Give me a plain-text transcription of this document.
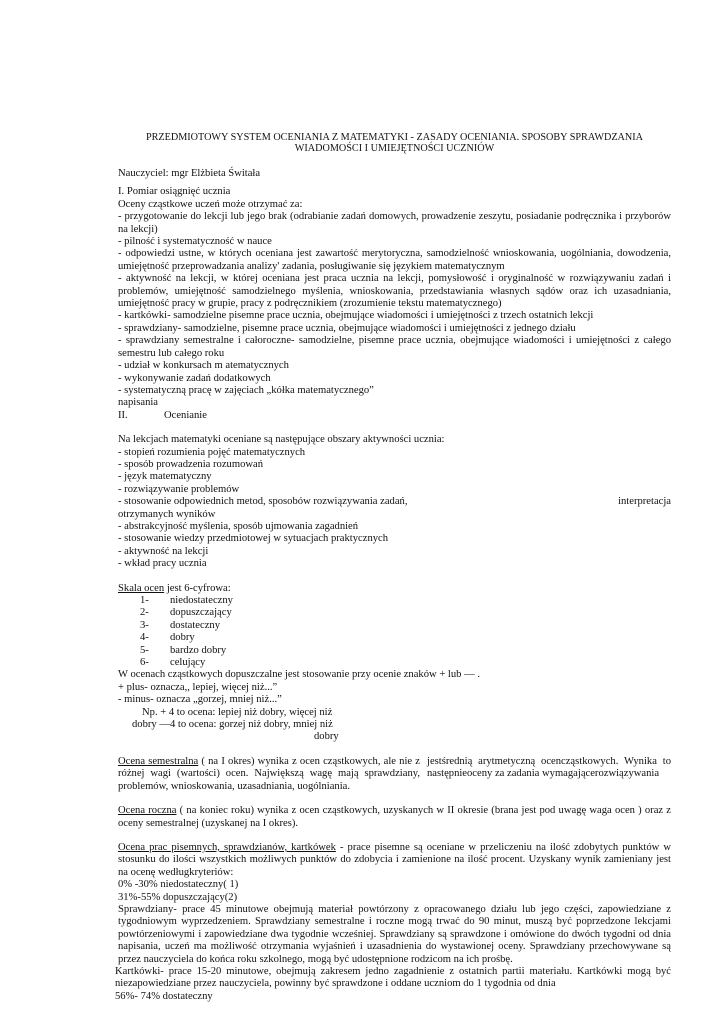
PRZEDMIOTOWY SYSTEM OCENIANIA Z MATEMATYKI - ZASADY OCENIANIA. SPOSOBY SPRAWDZANIA
WIADOMOŚCI I UMIEJĘTNOŚCI UCZNIÓW

Nauczyciel: mgr Elżbieta Świtała

I. Pomiar osiągnięć ucznia

Oceny cząstkowe uczeń może otrzymać za:

- przygotowanie do lekcji lub jego brak (odrabianie zadań domowych, prowadzenie zeszytu, posiadanie podręcznika i przyborów na lekcji)

- pilność i systematyczność w nauce

- odpowiedzi ustne, w których oceniana jest zawartość merytoryczna, samodzielność wnioskowania, uogólniania, dowodzenia, umiejętność przeprowadzania analizy' zadania, posługiwanie się językiem matematycznym

- aktywność na lekcji, w której oceniana jest praca ucznia na lekcji, pomysłowość i oryginalność w rozwiązywaniu zadań i problemów, umiejętność samodzielnego myślenia, wnioskowania, przedstawiania własnych sądów oraz ich uzasadniania, umiejętność pracy w grupie, pracy z podręcznikiem (zrozumienie tekstu matematycznego)

- kartkówki- samodzielne pisemne prace ucznia, obejmujące wiadomości i umiejętności z trzech ostatnich lekcji

- sprawdziany- samodzielne, pisemne prace ucznia, obejmujące wiadomości i umiejętności z jednego działu

- sprawdziany semestralne i całoroczne- samodzielne, pisemne prace ucznia, obejmujące wiadomości i umiejętności z całego semestru lub całego roku

- udział w konkursach m atematycznych

- wykonywanie zadań dodatkowych

- systematyczną pracę w zajęciach „kółka matematycznego”

napisania

II.	Ocenianie

Na lekcjach matematyki oceniane są następujące obszary aktywności ucznia:

- stopień rozumienia pojęć matematycznych

- sposób prowadzenia rozumowań

- język matematyczny

- rozwiązywanie problemów

- stosowanie odpowiednich metod, sposobów rozwiązywania zadań,	interpretacja

otrzymanych wyników

- abstrakcyjność myślenia, sposób ujmowania zagadnień

- stosowanie wiedzy przedmiotowej w sytuacjach praktycznych

- aktywność na lekcji

- wkład pracy ucznia

Skala ocen jest 6-cyfrowa:

1-	niedostateczny
2-	dopuszczający
3-	dostateczny
4-	dobry
5-	bardzo dobry
6-	celujący

W ocenach cząstkowych dopuszczalne jest stosowanie przy ocenie znaków + lub — .

+ plus- oznacza,, lepiej, więcej niż...”

- minus- oznacza „gorzej, mniej niż...”

Np. + 4 to ocena: lepiej niż dobry, więcej niż

dobry —4 to ocena: gorzej niż dobry, mniej niż

dobry

Ocena semestralna ( na I okres) wynika z ocen cząstkowych, ale nie z różnej wagi (wartości) ocen. Największą wagę mają sprawdziany, problemów, wnioskowania, uzasadniania, uogólniania.
jestśrednią arytmetyczną ocencząstkowych. Wynika to następnieoceny za zadania wymagającerozwiązywania

Ocena roczna ( na koniec roku) wynika z ocen cząstkowych, uzyskanych w II okresie (brana jest pod uwagę waga ocen ) oraz z oceny semestralnej (uzyskanej na I okres).

Ocena prac pisemnych, sprawdzianów, kartkówek - prace pisemne są oceniane w przeliczeniu na ilość zdobytych punktów w stosunku do ilości wszystkich możliwych punktów do zdobycia i zamienione na ilość procent. Uzyskany wynik zamieniany jest na ocenę wedługkryteriów:

0% -30% niedostateczny( 1)

31%-55% dopuszczający(2)

Sprawdziany- prace 45 minutowe obejmują materiał powtórzony z opracowanego działu lub jego części, zapowiedziane z tygodniowym wyprzedzeniem. Sprawdziany semestralne i roczne mogą trwać do 90 minut, muszą być poprzedzone lekcjami powtórzeniowymi i zapowiedziane dwa tygodnie wcześniej. Sprawdziany są sprawdzone i omówione do dwóch tygodni od dnia napisania, uczeń ma możliwość otrzymania wyjaśnień i uzasadnienia do wystawionej oceny. Sprawdziany przechowywane są przez nauczyciela do końca roku szkolnego, mogą być udostępnione rodzicom na ich prośbę.

Kartkówki- prace 15-20 minutowe, obejmują zakresem jedno zagadnienie z ostatnich partii materiału. Kartkówki mogą być niezapowiedziane przez nauczyciela, powinny być sprawdzone i oddane uczniom do 1 tygodnia od dnia

56%- 74% dostateczny
